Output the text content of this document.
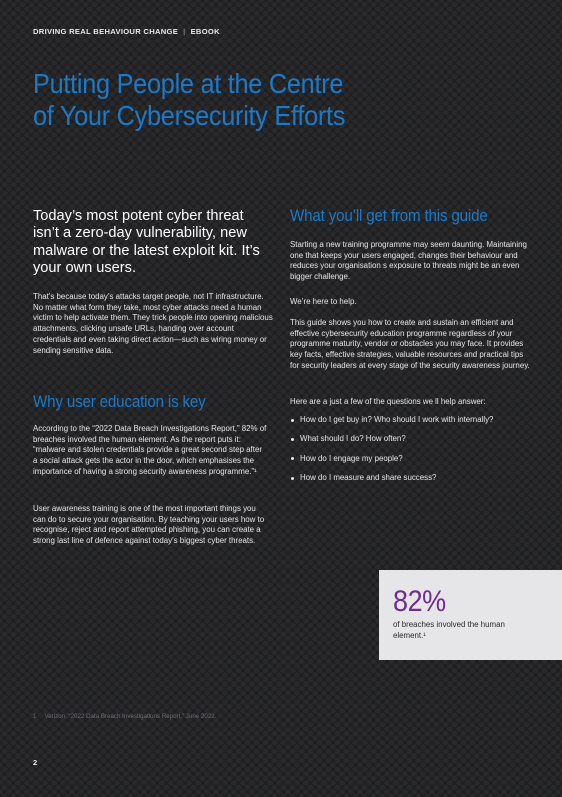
DRIVING REAL BEHAVIOUR CHANGE | EBOOK
Putting People at the Centre
of Your Cybersecurity Efforts
Today’s most potent cyber threat isn’t a zero-day vulnerability, new malware or the latest exploit kit. It’s your own users.
That’s because today’s attacks target people, not IT infrastructure. No matter what form they take, most cyber attacks need a human victim to help activate them. They trick people into opening malicious attachments, clicking unsafe URLs, handing over account credentials and even taking direct action—such as wiring money or sending sensitive data.
Why user education is key
According to the “2022 Data Breach Investigations Report,” 82% of breaches involved the human element. As the report puts it: “malware and stolen credentials provide a great second step after a social attack gets the actor in the door, which emphasises the importance of having a strong security awareness programme.”¹
User awareness training is one of the most important things you can do to secure your organisation. By teaching your users how to recognise, reject and report attempted phishing, you can create a strong last line of defence against today’s biggest cyber threats.
What you’ll get from this guide
Starting a new training programme may seem daunting. Maintaining one that keeps your users engaged, changes their behaviour and reduces your organisation s exposure to threats might be an even bigger challenge.
We’re here to help.
This guide shows you how to create and sustain an efficient and effective cybersecurity education programme regardless of your programme maturity, vendor or obstacles you may face. It provides key facts, effective strategies, valuable resources and practical tips for security leaders at every stage of the security awareness journey.
Here are a just a few of the questions we ll help answer:
How do I get buy in? Who should I work with internally?
What should I do? How often?
How do I engage my people?
How do I measure and share success?
82%
of breaches involved the human element.¹
1 Verizon, “2022 Data Breach Investigations Report,” June 2022.
2
